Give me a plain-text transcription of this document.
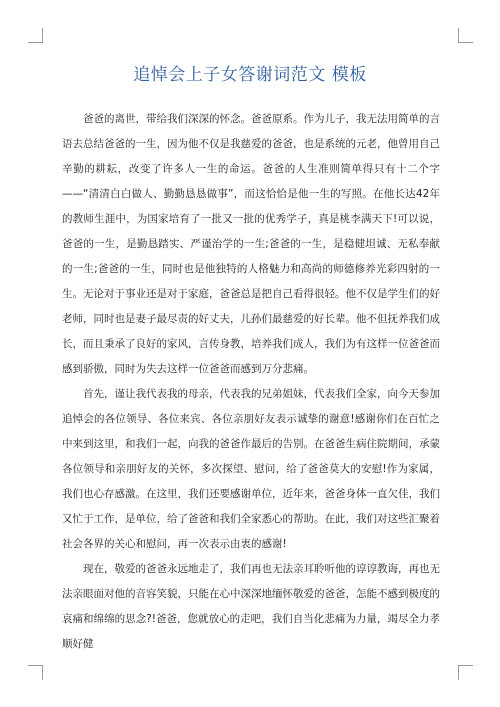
追悼会上子女答谢词范文 模板

爸爸的离世，带给我们深深的怀念。爸爸原系。作为儿子，我无法用简单的言语去总结爸爸的一生，因为他不仅是我慈爱的爸爸，也是系统的元老，他曾用自己辛勤的耕耘，改变了许多人一生的命运。爸爸的人生准则简单得只有十二个字——“清清白白做人、勤勤恳恳做事”，而这恰恰是他一生的写照。在他长达42年的教师生涯中，为国家培育了一批又一批的优秀学子，真是桃李满天下!可以说，爸爸的一生，是勤恳踏实、严谨治学的一生;爸爸的一生，是稳健坦诚、无私奉献的一生;爸爸的一生，同时也是他独特的人格魅力和高尚的师德修养光彩四射的一生。无论对于事业还是对于家庭，爸爸总是把自己看得很轻。他不仅是学生们的好老师，同时也是妻子最尽责的好丈夫，儿孙们最慈爱的好长辈。他不但抚养我们成长，而且秉承了良好的家风，言传身教，培养我们成人，我们为有这样一位爸爸而感到骄傲，同时为失去这样一位爸爸而感到万分悲痛。

首先，谨让我代表我的母亲，代表我的兄弟姐妹，代表我们全家，向今天参加追悼会的各位领导、各位来宾、各位亲朋好友表示诚挚的谢意!感谢你们在百忙之中来到这里，和我们一起，向我的爸爸作最后的告别。在爸爸生病住院期间，承蒙各位领导和亲朋好友的关怀，多次探望、慰问，给了爸爸莫大的安慰!作为家属，我们也心存感激。在这里，我们还要感谢单位，近年来，爸爸身体一直欠佳，我们又忙于工作，是单位，给了爸爸和我们全家悉心的帮助。在此，我们对这些汇聚着社会各界的关心和慰问，再一次表示由衷的感谢!

现在，敬爱的爸爸永远地走了，我们再也无法亲耳聆听他的谆谆教诲，再也无法亲眼面对他的音容笑貌，只能在心中深深地缅怀敬爱的爸爸，怎能不感到极度的哀痛和绵绵的思念?!爸爸，您就放心的走吧，我们自当化悲痛为力量，竭尽全力孝顺好健
